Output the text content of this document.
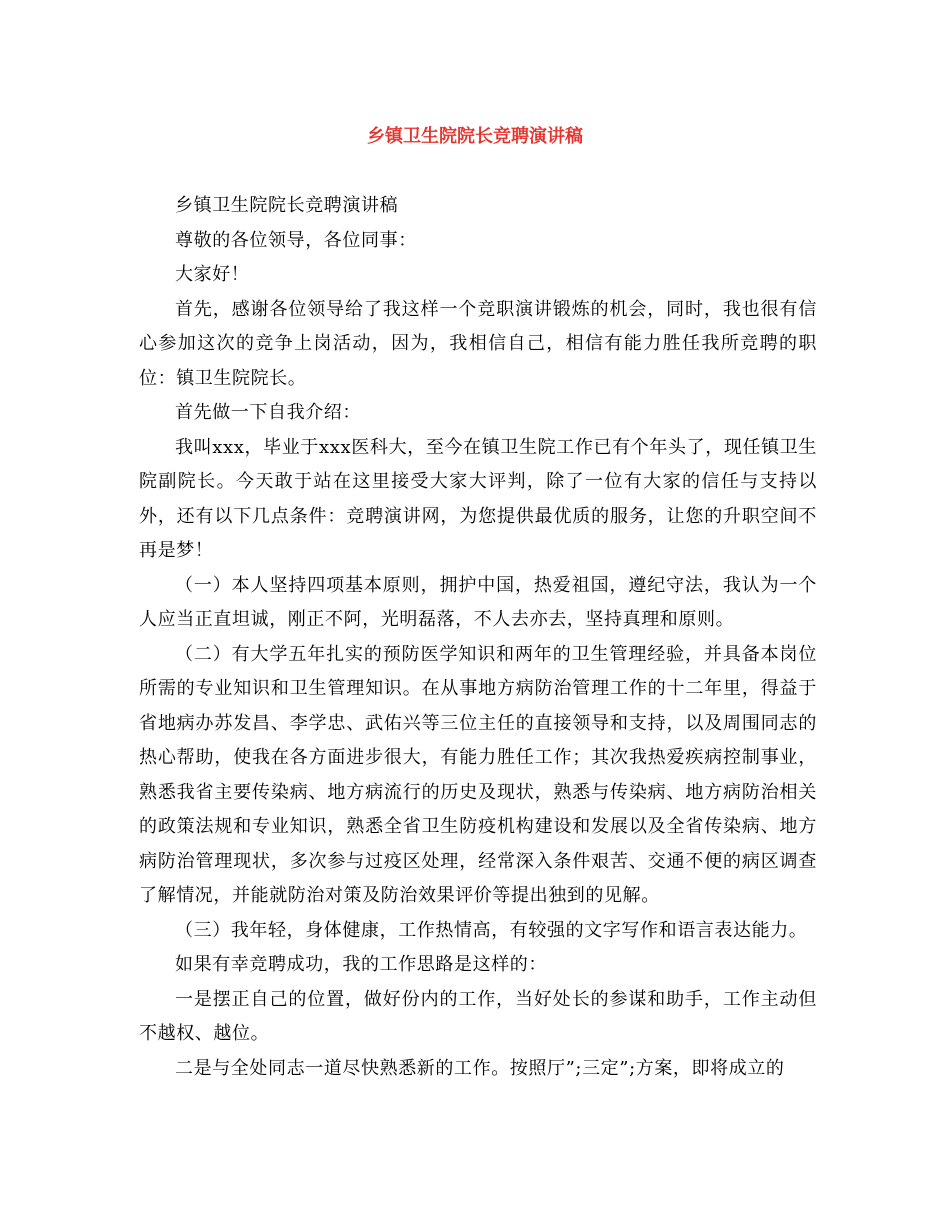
乡镇卫生院院长竞聘演讲稿

乡镇卫生院院长竞聘演讲稿

尊敬的各位领导，各位同事：

大家好！

首先，感谢各位领导给了我这样一个竞职演讲锻炼的机会，同时，我也很有信心参加这次的竞争上岗活动，因为，我相信自己，相信有能力胜任我所竞聘的职位：镇卫生院院长。

首先做一下自我介绍：

我叫xxx，毕业于xxx医科大，至今在镇卫生院工作已有个年头了，现任镇卫生院副院长。今天敢于站在这里接受大家大评判，除了一位有大家的信任与支持以外，还有以下几点条件：竞聘演讲网，为您提供最优质的服务，让您的升职空间不再是梦！

（一）本人坚持四项基本原则，拥护中国，热爱祖国，遵纪守法，我认为一个人应当正直坦诚，刚正不阿，光明磊落，不人去亦去，坚持真理和原则。

（二）有大学五年扎实的预防医学知识和两年的卫生管理经验，并具备本岗位所需的专业知识和卫生管理知识。在从事地方病防治管理工作的十二年里，得益于省地病办苏发昌、李学忠、武佑兴等三位主任的直接领导和支持，以及周围同志的热心帮助，使我在各方面进步很大，有能力胜任工作；其次我热爱疾病控制事业，熟悉我省主要传染病、地方病流行的历史及现状，熟悉与传染病、地方病防治相关的政策法规和专业知识，熟悉全省卫生防疫机构建设和发展以及全省传染病、地方病防治管理现状，多次参与过疫区处理，经常深入条件艰苦、交通不便的病区调查了解情况，并能就防治对策及防治效果评价等提出独到的见解。

（三）我年轻，身体健康，工作热情高，有较强的文字写作和语言表达能力。

如果有幸竞聘成功，我的工作思路是这样的：

一是摆正自己的位置，做好份内的工作，当好处长的参谋和助手，工作主动但不越权、越位。

二是与全处同志一道尽快熟悉新的工作。按照厅”;三定”;方案，即将成立的
